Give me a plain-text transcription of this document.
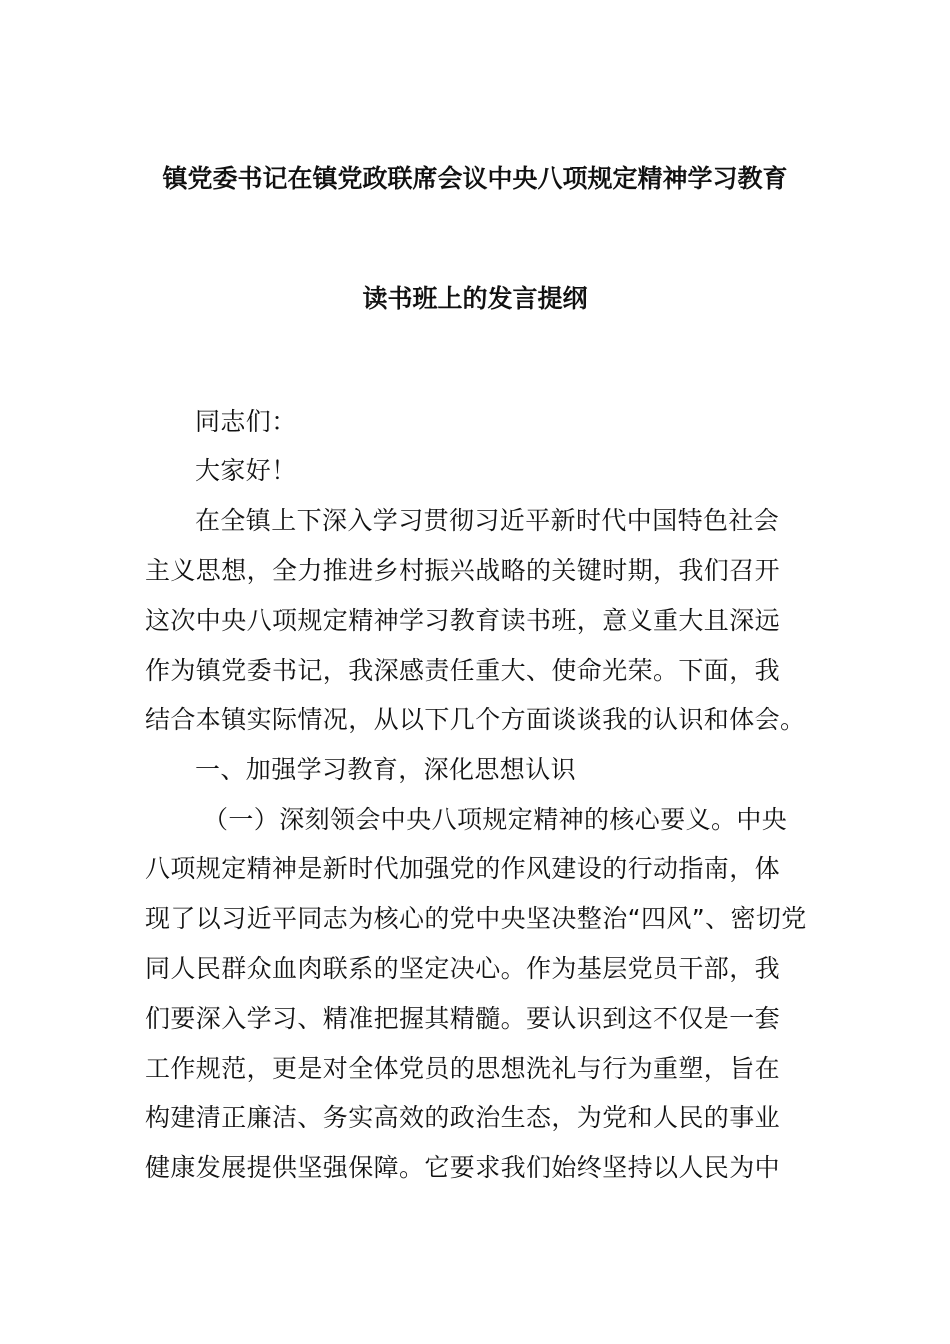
镇党委书记在镇党政联席会议中央八项规定精神学习教育
读书班上的发言提纲
同志们：
大家好！
在全镇上下深入学习贯彻习近平新时代中国特色社会
主义思想，全力推进乡村振兴战略的关键时期，我们召开
这次中央八项规定精神学习教育读书班，意义重大且深远
作为镇党委书记，我深感责任重大、使命光荣。下面，我
结合本镇实际情况，从以下几个方面谈谈我的认识和体会。
一、加强学习教育，深化思想认识
（一）深刻领会中央八项规定精神的核心要义。中央
八项规定精神是新时代加强党的作风建设的行动指南，体
现了以习近平同志为核心的党中央坚决整治“四风”、密切党
同人民群众血肉联系的坚定决心。作为基层党员干部，我
们要深入学习、精准把握其精髓。要认识到这不仅是一套
工作规范，更是对全体党员的思想洗礼与行为重塑，旨在
构建清正廉洁、务实高效的政治生态，为党和人民的事业
健康发展提供坚强保障。它要求我们始终坚持以人民为中
